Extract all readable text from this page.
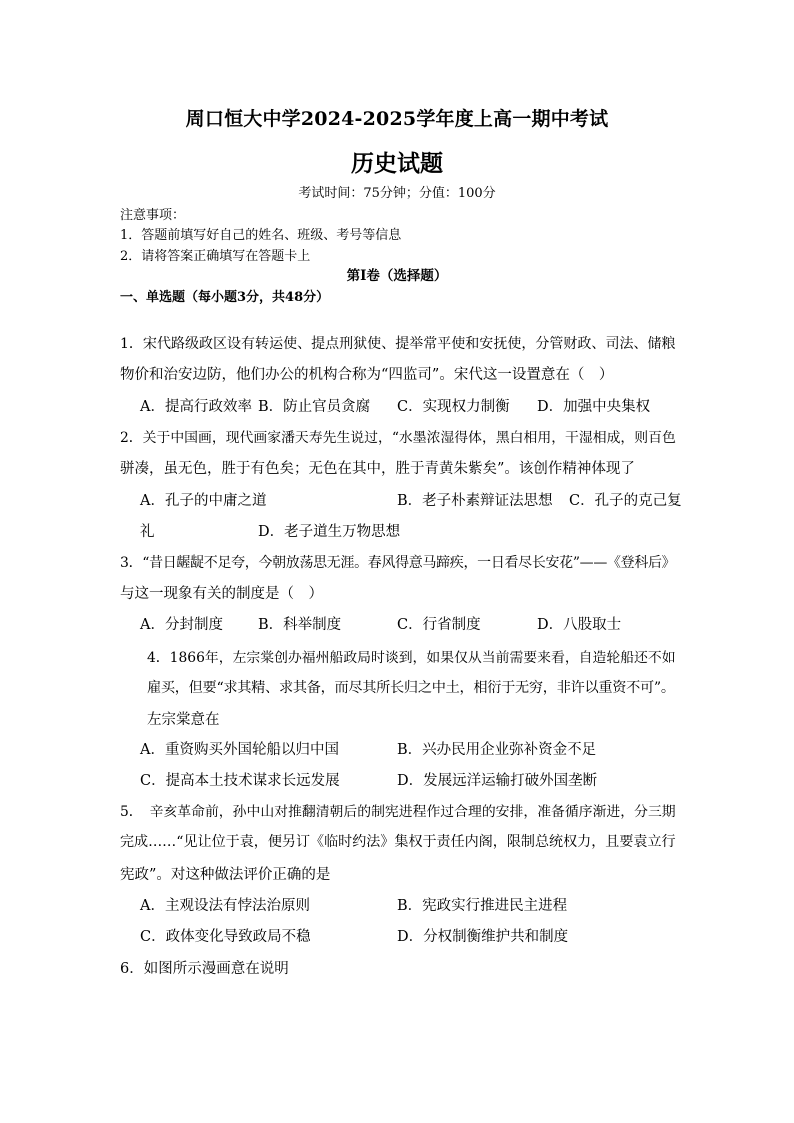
周口恒大中学2024-2025学年度上高一期中考试
历史试题
考试时间：75分钟；分值：100分
注意事项：
1．答题前填写好自己的姓名、班级、考号等信息
2．请将答案正确填写在答题卡上
第Ⅰ卷（选择题）
一、单选题（每小题3分，共48分）
1．宋代路级政区设有转运使、提点刑狱使、提举常平使和安抚使，分管财政、司法、储粮
物价和治安边防，他们办公的机构合称为“四监司”。宋代这一设置意在（　）
A．提高行政效率 B．防止官员贪腐 C．实现权力制衡 D．加强中央集权
2．关于中国画，现代画家潘天寿先生说过，“水墨浓湿得体，黑白相用，干湿相成，则百色
骈凑，虽无色，胜于有色矣；无色在其中，胜于青黄朱紫矣”。该创作精神体现了
A．孔子的中庸之道	B．老子朴素辩证法思想 C．孔子的克己复
礼	D．老子道生万物思想
3．“昔日龌龊不足夸，今朝放荡思无涯。春风得意马蹄疾，一日看尽长安花”——《登科后》
与这一现象有关的制度是（　）
A．分封制度 B．科举制度	C．行省制度	D．八股取士
4．1866年，左宗棠创办福州船政局时谈到，如果仅从当前需要来看，自造轮船还不如
雇买，但要“求其精、求其备，而尽其所长归之中土，相衍于无穷，非许以重资不可”。
左宗棠意在
A．重资购买外国轮船以归中国	B．兴办民用企业弥补资金不足
C．提高本土技术谋求长远发展	D．发展远洋运输打破外国垄断
5．　辛亥革命前，孙中山对推翻清朝后的制宪进程作过合理的安排，准备循序渐进，分三期
完成……“见让位于袁，便另订《临时约法》集权于责任内阁，限制总统权力，且要袁立行
宪政”。对这种做法评价正确的是
A．主观设法有悖法治原则	B．宪政实行推进民主进程
C．政体变化导致政局不稳	D．分权制衡维护共和制度
6．如图所示漫画意在说明
